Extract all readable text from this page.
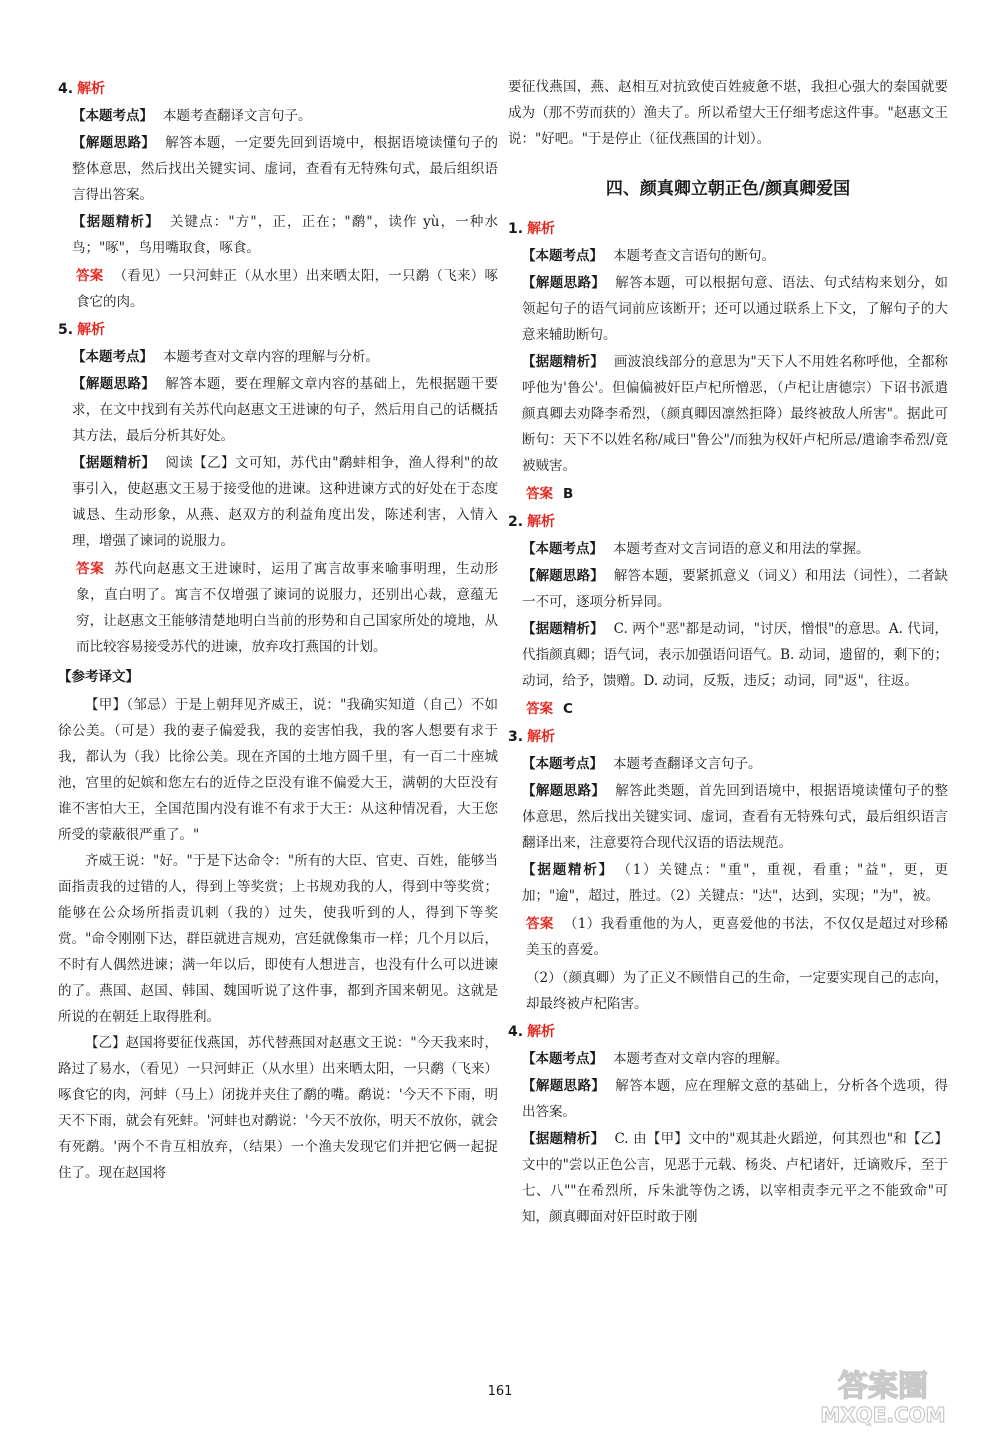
4. 解析
【本题考点】 本题考查翻译文言句子。
【解题思路】 解答本题，一定要先回到语境中，根据语境读懂句子的整体意思，然后找出关键实词、虚词，查看有无特殊句式，最后组织语言得出答案。
【据题精析】 关键点："方"，正，正在；"鹬"，读作 yù，一种水鸟；"啄"，鸟用嘴取食，啄食。
答案 （看见）一只河蚌正（从水里）出来晒太阳，一只鹬（飞来）啄食它的肉。
5. 解析
【本题考点】 本题考查对文章内容的理解与分析。
【解题思路】 解答本题，要在理解文章内容的基础上，先根据题干要求，在文中找到有关苏代向赵惠文王进谏的句子，然后用自己的话概括其方法，最后分析其好处。
【据题精析】 阅读【乙】文可知，苏代由"鹬蚌相争，渔人得利"的故事引入，使赵惠文王易于接受他的进谏。这种进谏方式的好处在于态度诚恳、生动形象，从燕、赵双方的利益角度出发，陈述利害，入情入理，增强了谏词的说服力。
答案 苏代向赵惠文王进谏时，运用了寓言故事来喻事明理，生动形象，直白明了。寓言不仅增强了谏词的说服力，还别出心裁，意蕴无穷，让赵惠文王能够清楚地明白当前的形势和自己国家所处的境地，从而比较容易接受苏代的进谏，放弃攻打燕国的计划。
【参考译文】

【甲】（邹忌）于是上朝拜见齐威王，说："我确实知道（自己）不如徐公美。（可是）我的妻子偏爱我，我的妾害怕我，我的客人想要有求于我，都认为（我）比徐公美。现在齐国的土地方圆千里，有一百二十座城池，宫里的妃嫔和您左右的近侍之臣没有谁不偏爱大王，满朝的大臣没有谁不害怕大王，全国范围内没有谁不有求于大王：从这种情况看，大王您所受的蒙蔽很严重了。"

齐威王说："好。"于是下达命令："所有的大臣、官吏、百姓，能够当面指责我的过错的人，得到上等奖赏；上书规劝我的人，得到中等奖赏；能够在公众场所指责讥刺（我的）过失，使我听到的人，得到下等奖赏。"命令刚刚下达，群臣就进言规劝，宫廷就像集市一样；几个月以后，不时有人偶然进谏；满一年以后，即使有人想进言，也没有什么可以进谏的了。燕国、赵国、韩国、魏国听说了这件事，都到齐国来朝见。这就是所说的在朝廷上取得胜利。

【乙】赵国将要征伐燕国，苏代替燕国对赵惠文王说："今天我来时，路过了易水，（看见）一只河蚌正（从水里）出来晒太阳，一只鹬（飞来）啄食它的肉，河蚌（马上）闭拢并夹住了鹬的嘴。鹬说：'今天不下雨，明天不下雨，就会有死蚌。'河蚌也对鹬说：'今天不放你，明天不放你，就会有死鹬。'两个不肯互相放弃，（结果）一个渔夫发现它们并把它俩一起捉住了。现在赵国将

要征伐燕国，燕、赵相互对抗致使百姓疲惫不堪，我担心强大的秦国就要成为（那不劳而获的）渔夫了。所以希望大王仔细考虑这件事。"赵惠文王说："好吧。"于是停止（征伐燕国的计划）。

四、颜真卿立朝正色/颜真卿爱国
1. 解析
【本题考点】 本题考查文言语句的断句。
【解题思路】 解答本题，可以根据句意、语法、句式结构来划分，如领起句子的语气词前应该断开；还可以通过联系上下文，了解句子的大意来辅助断句。
【据题精析】 画波浪线部分的意思为"天下人不用姓名称呼他，全都称呼他为'鲁公'。但偏偏被奸臣卢杞所憎恶，（卢杞让唐德宗）下诏书派遣颜真卿去劝降李希烈，（颜真卿因凛然拒降）最终被敌人所害"。据此可断句：天下不以姓名称/咸曰"鲁公"/而独为权奸卢杞所忌/遣谕李希烈/竟被贼害。
答案 B
2. 解析
【本题考点】 本题考查对文言词语的意义和用法的掌握。
【解题思路】 解答本题，要紧抓意义（词义）和用法（词性），二者缺一不可，逐项分析异同。
【据题精析】 C. 两个"恶"都是动词，"讨厌，憎恨"的意思。A. 代词，代指颜真卿；语气词，表示加强语问语气。B. 动词，遗留的，剩下的；动词，给予，馈赠。D. 动词，反叛，违反；动词，同"返"，往返。
答案 C
3. 解析
【本题考点】 本题考查翻译文言句子。
【解题思路】 解答此类题，首先回到语境中，根据语境读懂句子的整体意思，然后找出关键实词、虚词，查看有无特殊句式，最后组织语言翻译出来，注意要符合现代汉语的语法规范。
【据题精析】 （1）关键点："重"，重视，看重；"益"，更，更加；"逾"，超过，胜过。（2）关键点："达"，达到，实现；"为"，被。
答案 （1）我看重他的为人，更喜爱他的书法，不仅仅是超过对珍稀美玉的喜爱。
（2）（颜真卿）为了正义不顾惜自己的生命，一定要实现自己的志向，却最终被卢杞陷害。
4. 解析
【本题考点】 本题考查对文章内容的理解。
【解题思路】 解答本题，应在理解文意的基础上，分析各个选项，得出答案。
【据题精析】 C. 由【甲】文中的"观其赴火蹈逆，何其烈也"和【乙】文中的"尝以正色公言，见恶于元载、杨炎、卢杞诸奸，迁谪败斥，至于七、八""在希烈所，斥朱泚等伪之诱，以宰相责李元平之不能致命"可知，颜真卿面对奸臣时敢于刚
161	答案圈
MXQE.COM
